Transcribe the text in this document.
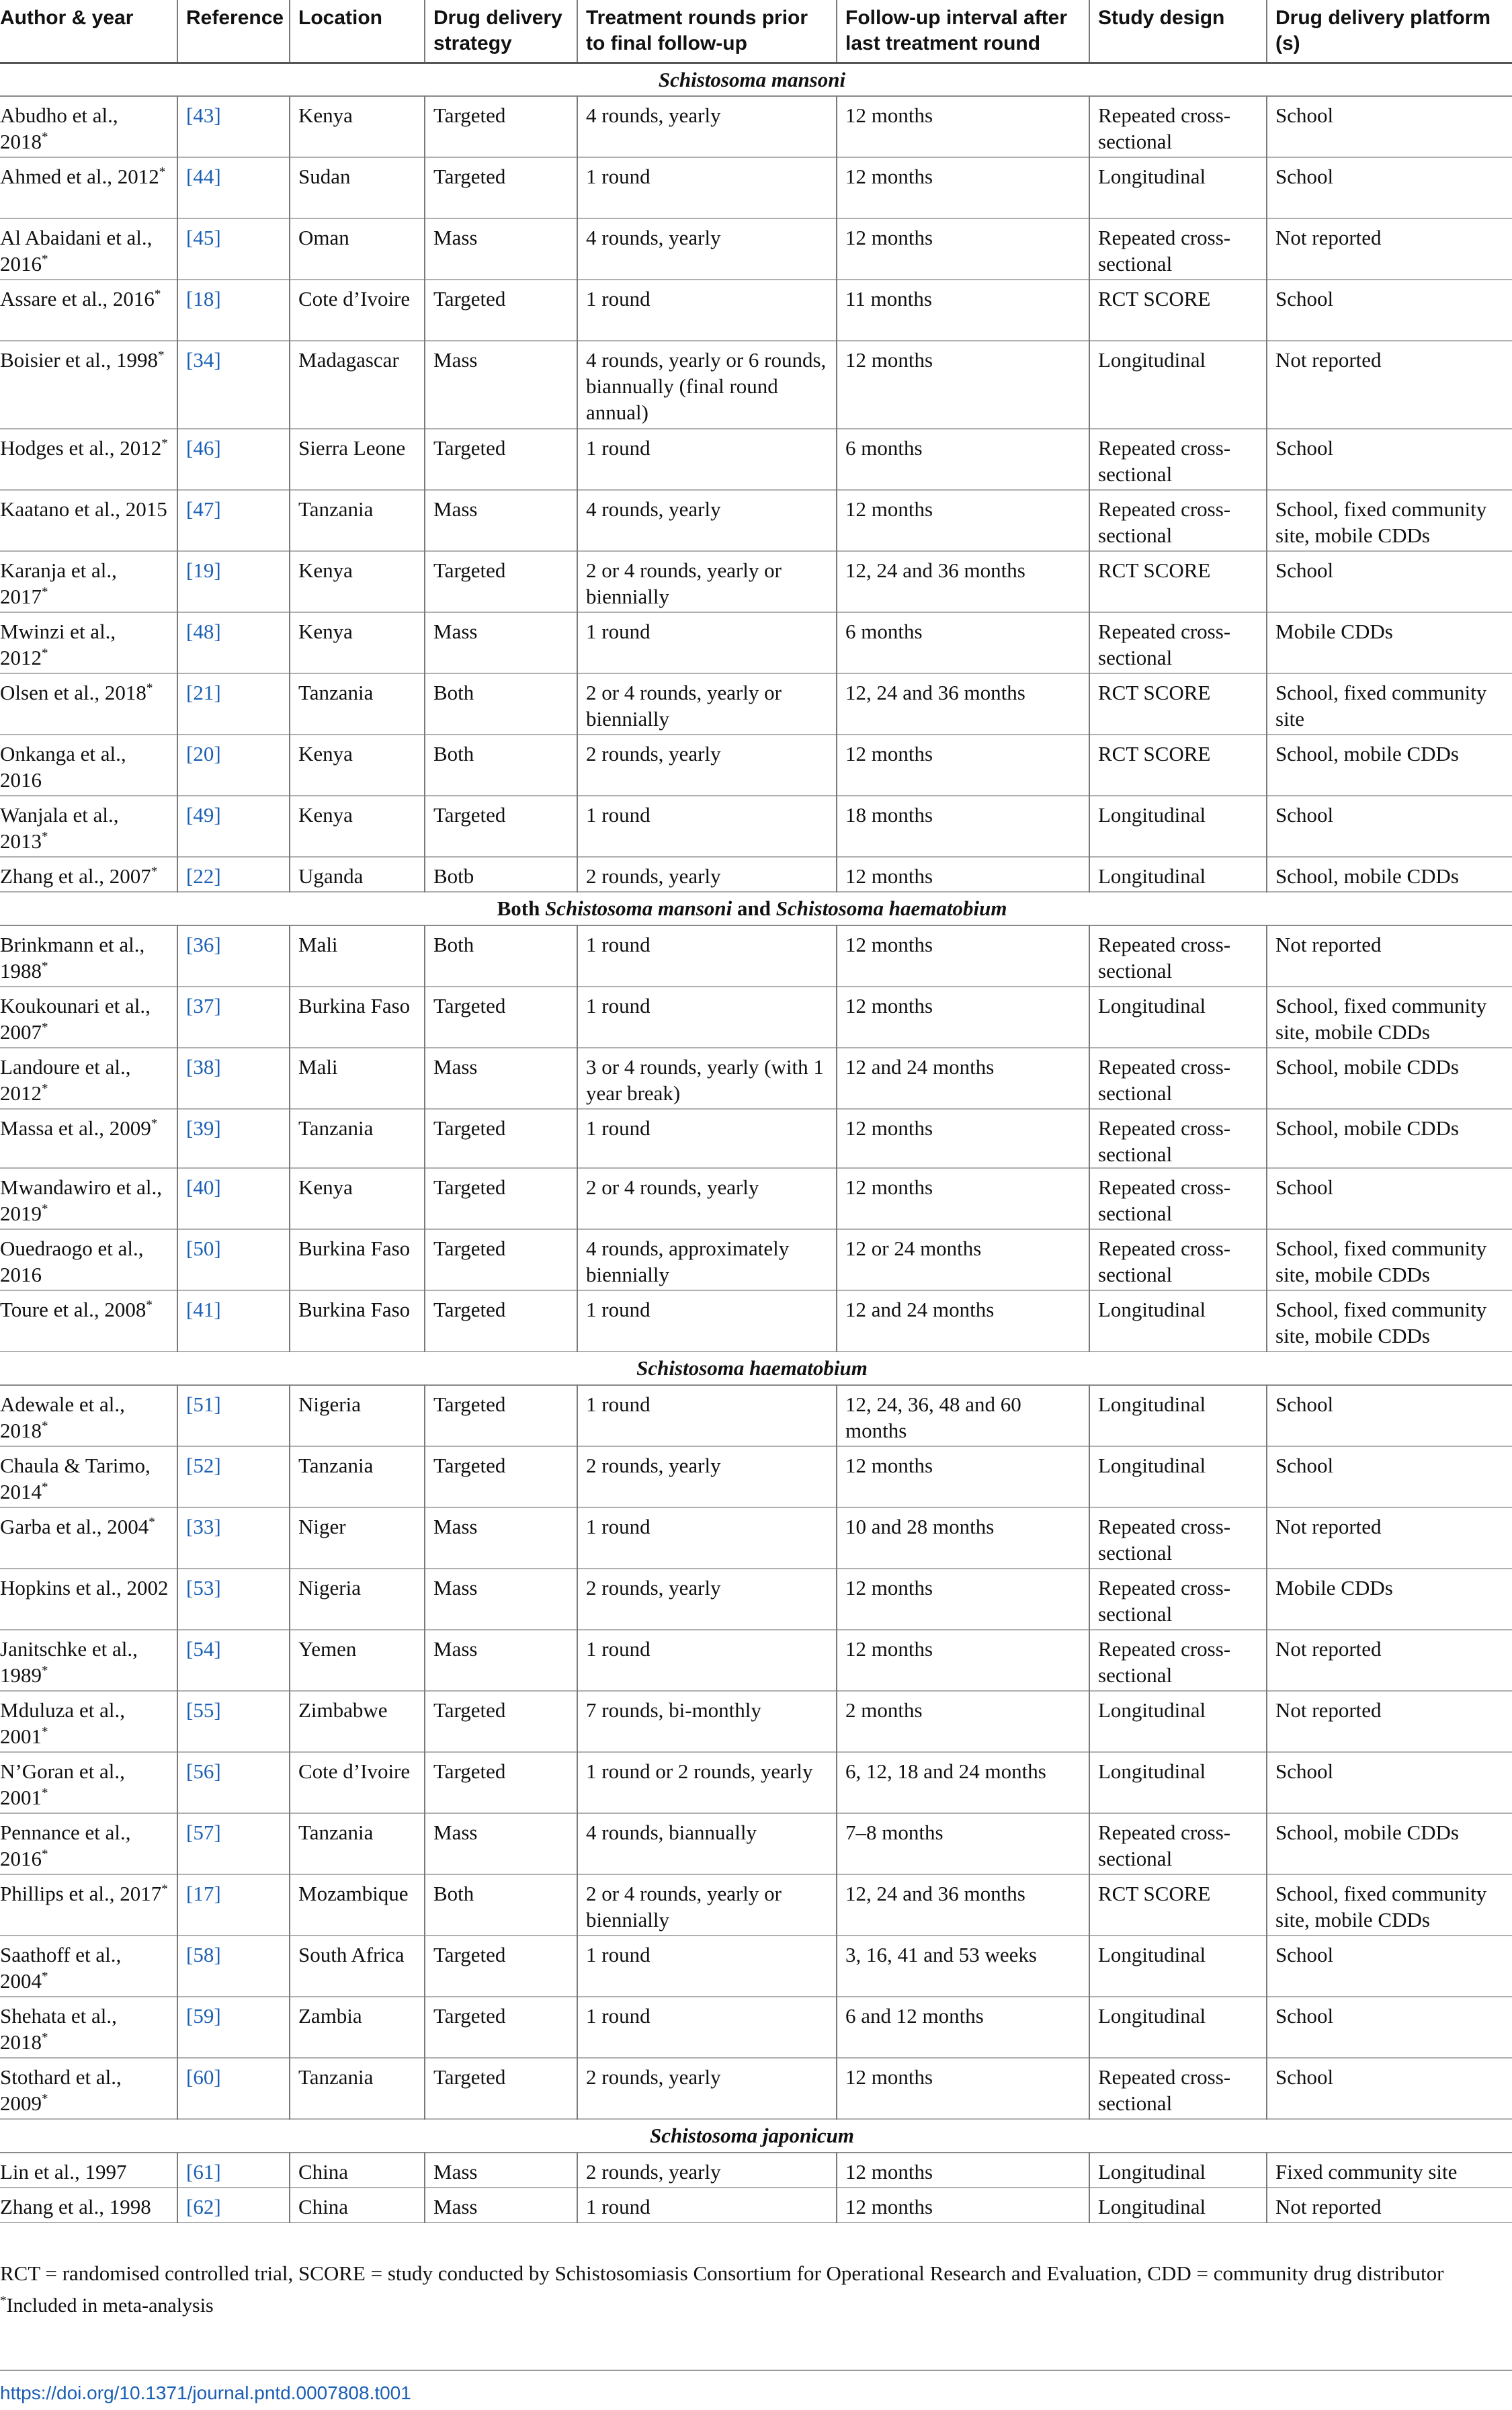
Author & year	Reference	Location	Drug delivery strategy	Treatment rounds prior to final follow-up	Follow-up interval after last treatment round	Study design	Drug delivery platform (s)
Schistosoma mansoni							
Abudho et al., 2018*	[43]	Kenya	Targeted	4 rounds, yearly	12 months	Repeated cross-sectional	School
Ahmed et al., 2012*	[44]	Sudan	Targeted	1 round	12 months	Longitudinal	School
Al Abaidani et al., 2016*	[45]	Oman	Mass	4 rounds, yearly	12 months	Repeated cross-sectional	Not reported
Assare et al., 2016*	[18]	Cote d’Ivoire	Targeted	1 round	11 months	RCT SCORE	School
Boisier et al., 1998*	[34]	Madagascar	Mass	4 rounds, yearly or 6 rounds, biannually (final round annual)	12 months	Longitudinal	Not reported
Hodges et al., 2012*	[46]	Sierra Leone	Targeted	1 round	6 months	Repeated cross-sectional	School
Kaatano et al., 2015	[47]	Tanzania	Mass	4 rounds, yearly	12 months	Repeated cross-sectional	School, fixed community site, mobile CDDs
Karanja et al., 2017*	[19]	Kenya	Targeted	2 or 4 rounds, yearly or biennially	12, 24 and 36 months	RCT SCORE	School
Mwinzi et al., 2012*	[48]	Kenya	Mass	1 round	6 months	Repeated cross-sectional	Mobile CDDs
Olsen et al., 2018*	[21]	Tanzania	Both	2 or 4 rounds, yearly or biennially	12, 24 and 36 months	RCT SCORE	School, fixed community site
Onkanga et al., 2016	[20]	Kenya	Both	2 rounds, yearly	12 months	RCT SCORE	School, mobile CDDs
Wanjala et al., 2013*	[49]	Kenya	Targeted	1 round	18 months	Longitudinal	School
Zhang et al., 2007*	[22]	Uganda	Botb	2 rounds, yearly	12 months	Longitudinal	School, mobile CDDs
Both Schistosoma mansoni and Schistosoma haematobium							
Brinkmann et al., 1988*	[36]	Mali	Both	1 round	12 months	Repeated cross-sectional	Not reported
Koukounari et al., 2007*	[37]	Burkina Faso	Targeted	1 round	12 months	Longitudinal	School, fixed community site, mobile CDDs
Landoure et al., 2012*	[38]	Mali	Mass	3 or 4 rounds, yearly (with 1 year break)	12 and 24 months	Repeated cross-sectional	School, mobile CDDs
Massa et al., 2009*	[39]	Tanzania	Targeted	1 round	12 months	Repeated cross-sectional	School, mobile CDDs
Mwandawiro et al., 2019*	[40]	Kenya	Targeted	2 or 4 rounds, yearly	12 months	Repeated cross-sectional	School
Ouedraogo et al., 2016	[50]	Burkina Faso	Targeted	4 rounds, approximately biennially	12 or 24 months	Repeated cross-sectional	School, fixed community site, mobile CDDs
Toure et al., 2008*	[41]	Burkina Faso	Targeted	1 round	12 and 24 months	Longitudinal	School, fixed community site, mobile CDDs
Schistosoma haematobium							
Adewale et al., 2018*	[51]	Nigeria	Targeted	1 round	12, 24, 36, 48 and 60 months	Longitudinal	School
Chaula & Tarimo, 2014*	[52]	Tanzania	Targeted	2 rounds, yearly	12 months	Longitudinal	School
Garba et al., 2004*	[33]	Niger	Mass	1 round	10 and 28 months	Repeated cross-sectional	Not reported
Hopkins et al., 2002	[53]	Nigeria	Mass	2 rounds, yearly	12 months	Repeated cross-sectional	Mobile CDDs
Janitschke et al., 1989*	[54]	Yemen	Mass	1 round	12 months	Repeated cross-sectional	Not reported
Mduluza et al., 2001*	[55]	Zimbabwe	Targeted	7 rounds, bi-monthly	2 months	Longitudinal	Not reported
N’Goran et al., 2001*	[56]	Cote d’Ivoire	Targeted	1 round or 2 rounds, yearly	6, 12, 18 and 24 months	Longitudinal	School
Pennance et al., 2016*	[57]	Tanzania	Mass	4 rounds, biannually	7–8 months	Repeated cross-sectional	School, mobile CDDs
Phillips et al., 2017*	[17]	Mozambique	Both	2 or 4 rounds, yearly or biennially	12, 24 and 36 months	RCT SCORE	School, fixed community site, mobile CDDs
Saathoff et al., 2004*	[58]	South Africa	Targeted	1 round	3, 16, 41 and 53 weeks	Longitudinal	School
Shehata et al., 2018*	[59]	Zambia	Targeted	1 round	6 and 12 months	Longitudinal	School
Stothard et al., 2009*	[60]	Tanzania	Targeted	2 rounds, yearly	12 months	Repeated cross-sectional	School
Schistosoma japonicum							
Lin et al., 1997	[61]	China	Mass	2 rounds, yearly	12 months	Longitudinal	Fixed community site
Zhang et al., 1998	[62]	China	Mass	1 round	12 months	Longitudinal	Not reported

RCT = randomised controlled trial, SCORE = study conducted by Schistosomiasis Consortium for Operational Research and Evaluation, CDD = community drug distributor

*Included in meta-analysis

https://doi.org/10.1371/journal.pntd.0007808.t001
